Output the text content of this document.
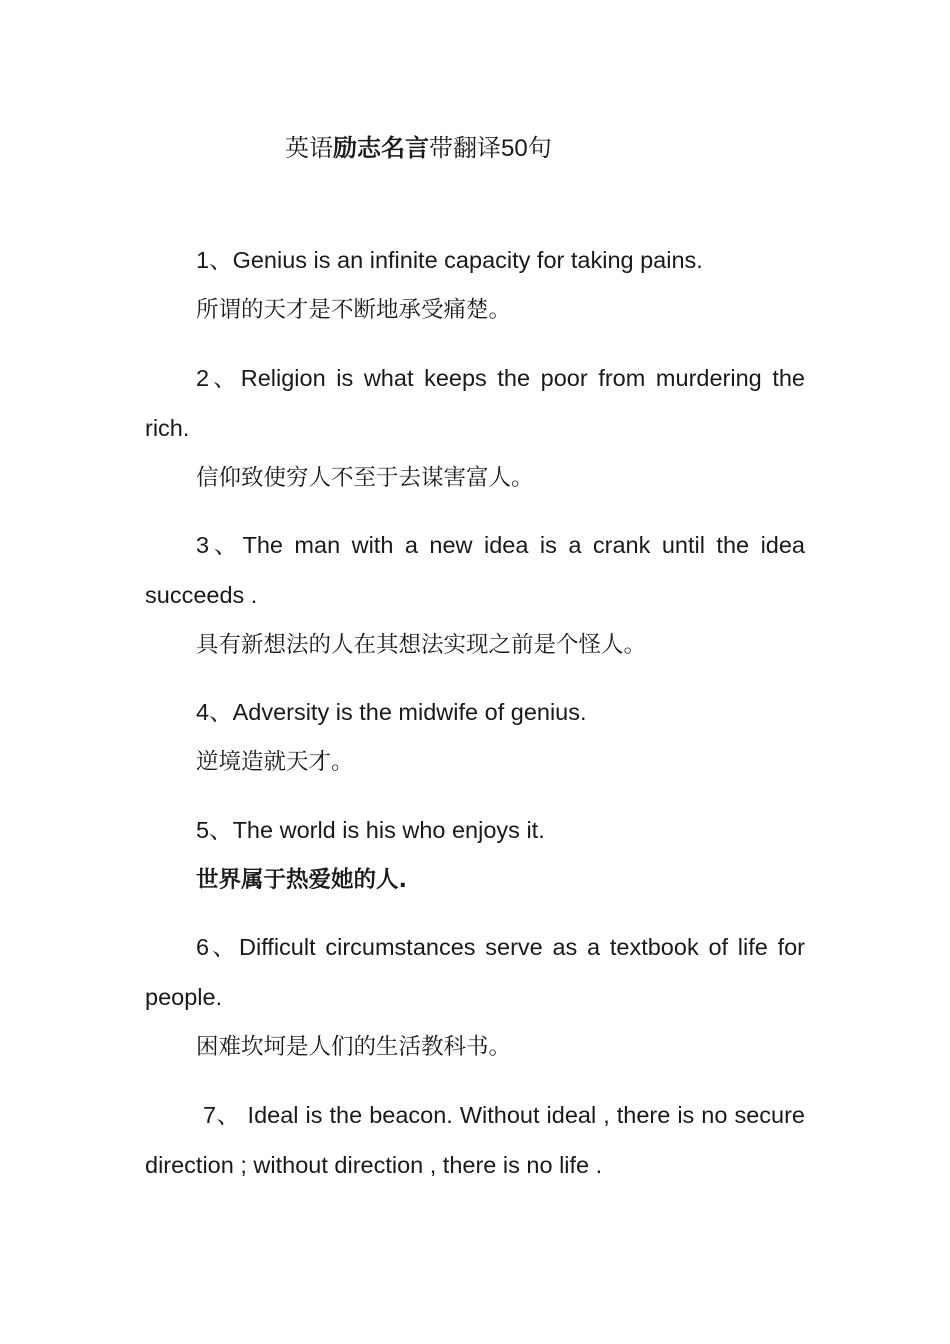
英语励志名言带翻译50句

1、Genius is an infinite capacity for taking pains.

所谓的天才是不断地承受痛楚。

2、Religion is what keeps the poor from murdering the rich.

信仰致使穷人不至于去谋害富人。

3、The man with a new idea is a crank until the idea succeeds .

具有新想法的人在其想法实现之前是个怪人。

4、Adversity is the midwife of genius.

逆境造就天才。

5、The world is his who enjoys it.

世界属于热爱她的人.

6、Difficult circumstances serve as a textbook of life for people.

困难坎坷是人们的生活教科书。

7、 Ideal is the beacon. Without ideal , there is no secure direction ; without direction , there is no life .
